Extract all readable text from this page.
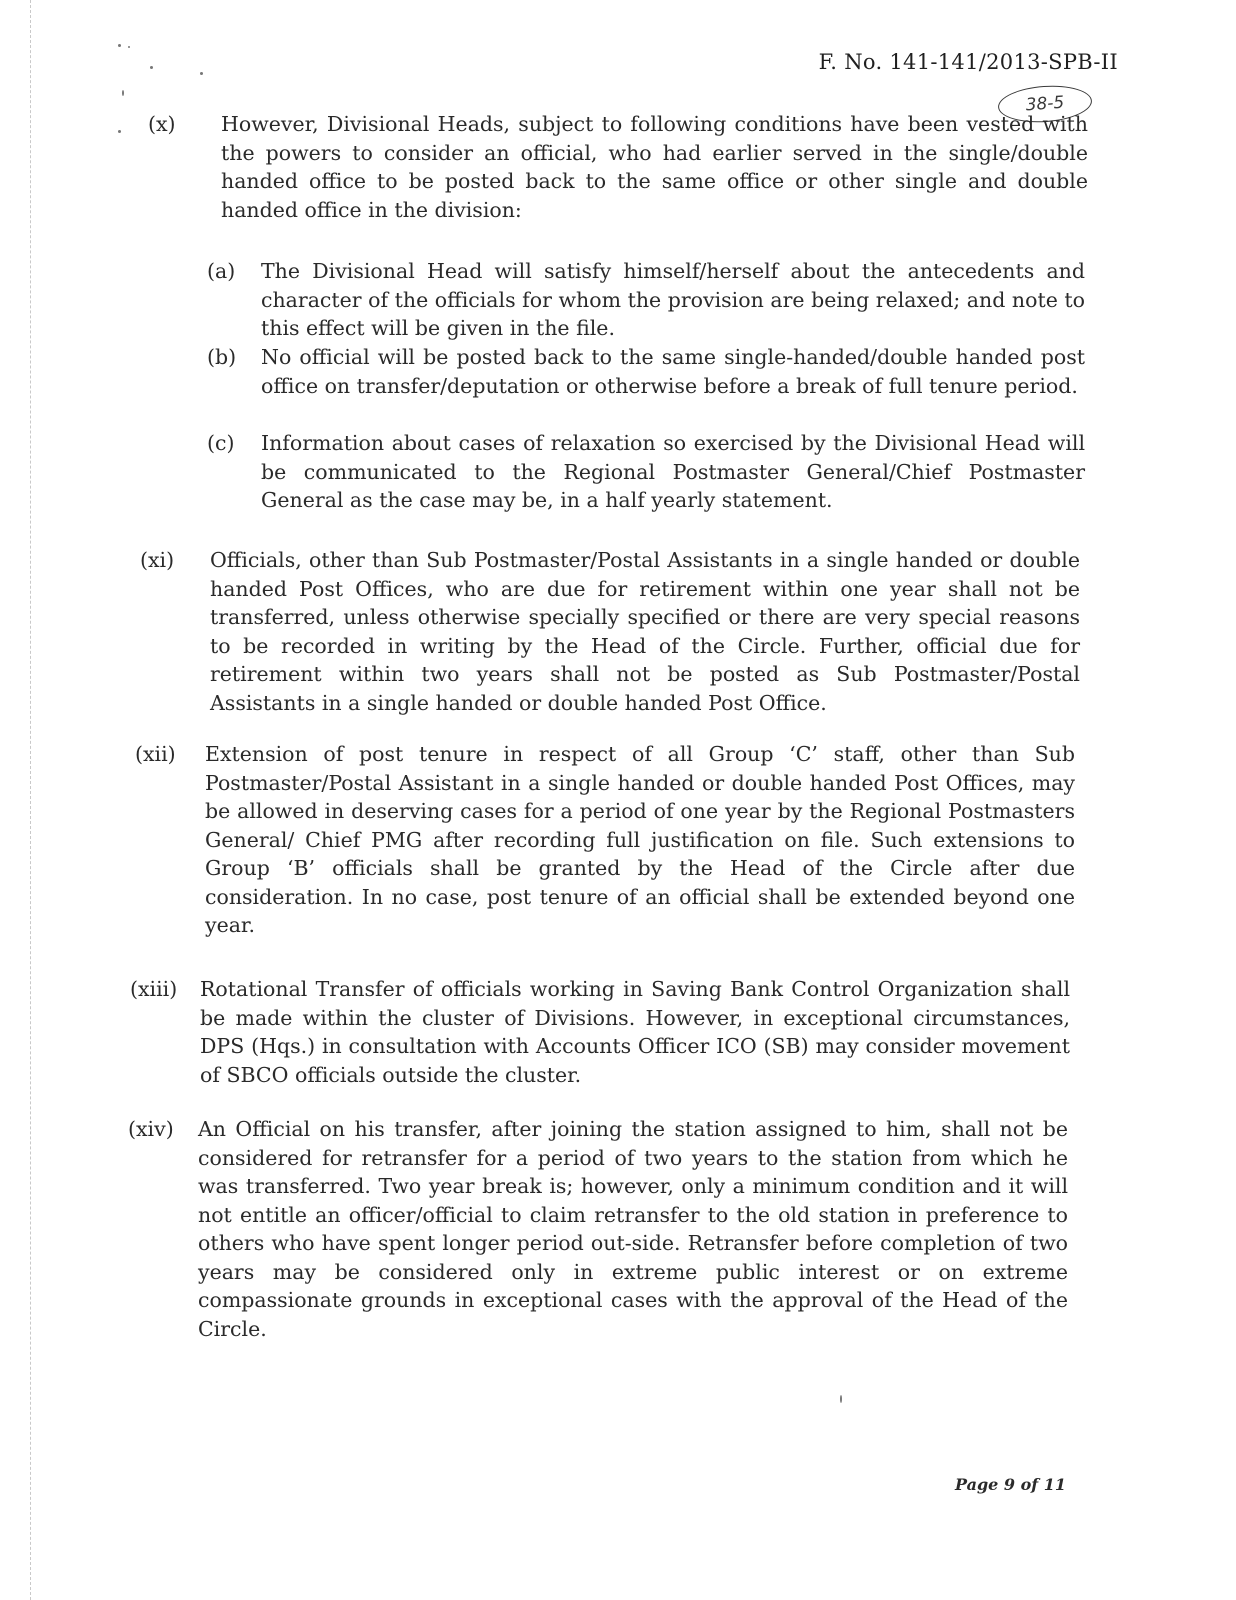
F. No. 141-141/2013-SPB-II
38-5
(x)	However, Divisional Heads, subject to following conditions have been vested with the powers to consider an official, who had earlier served in the single/double handed office to be posted back to the same office or other single and double handed office in the division:
(a)	The Divisional Head will satisfy himself/herself about the antecedents and character of the officials for whom the provision are being relaxed; and note to this effect will be given in the file.
(b)	No official will be posted back to the same single-handed/double handed post office on transfer/deputation or otherwise before a break of full tenure period.
(c)	Information about cases of relaxation so exercised by the Divisional Head will be communicated to the Regional Postmaster General/Chief Postmaster General as the case may be, in a half yearly statement.
(xi)	Officials, other than Sub Postmaster/Postal Assistants in a single handed or double handed Post Offices, who are due for retirement within one year shall not be transferred, unless otherwise specially specified or there are very special reasons to be recorded in writing by the Head of the Circle. Further, official due for retirement within two years shall not be posted as Sub Postmaster/Postal Assistants in a single handed or double handed Post Office.
(xii)	Extension of post tenure in respect of all Group ‘C’ staff, other than Sub Postmaster/Postal Assistant in a single handed or double handed Post Offices, may be allowed in deserving cases for a period of one year by the Regional Postmasters General/ Chief PMG after recording full justification on file. Such extensions to Group ‘B’ officials shall be granted by the Head of the Circle after due consideration. In no case, post tenure of an official shall be extended beyond one year.
(xiii)	Rotational Transfer of officials working in Saving Bank Control Organization shall be made within the cluster of Divisions. However, in exceptional circumstances, DPS (Hqs.) in consultation with Accounts Officer ICO (SB) may consider movement of SBCO officials outside the cluster.
(xiv)	An Official on his transfer, after joining the station assigned to him, shall not be considered for retransfer for a period of two years to the station from which he was transferred. Two year break is; however, only a minimum condition and it will not entitle an officer/official to claim retransfer to the old station in preference to others who have spent longer period out-side. Retransfer before completion of two years may be considered only in extreme public interest or on extreme compassionate grounds in exceptional cases with the approval of the Head of the Circle.
Page 9 of 11
